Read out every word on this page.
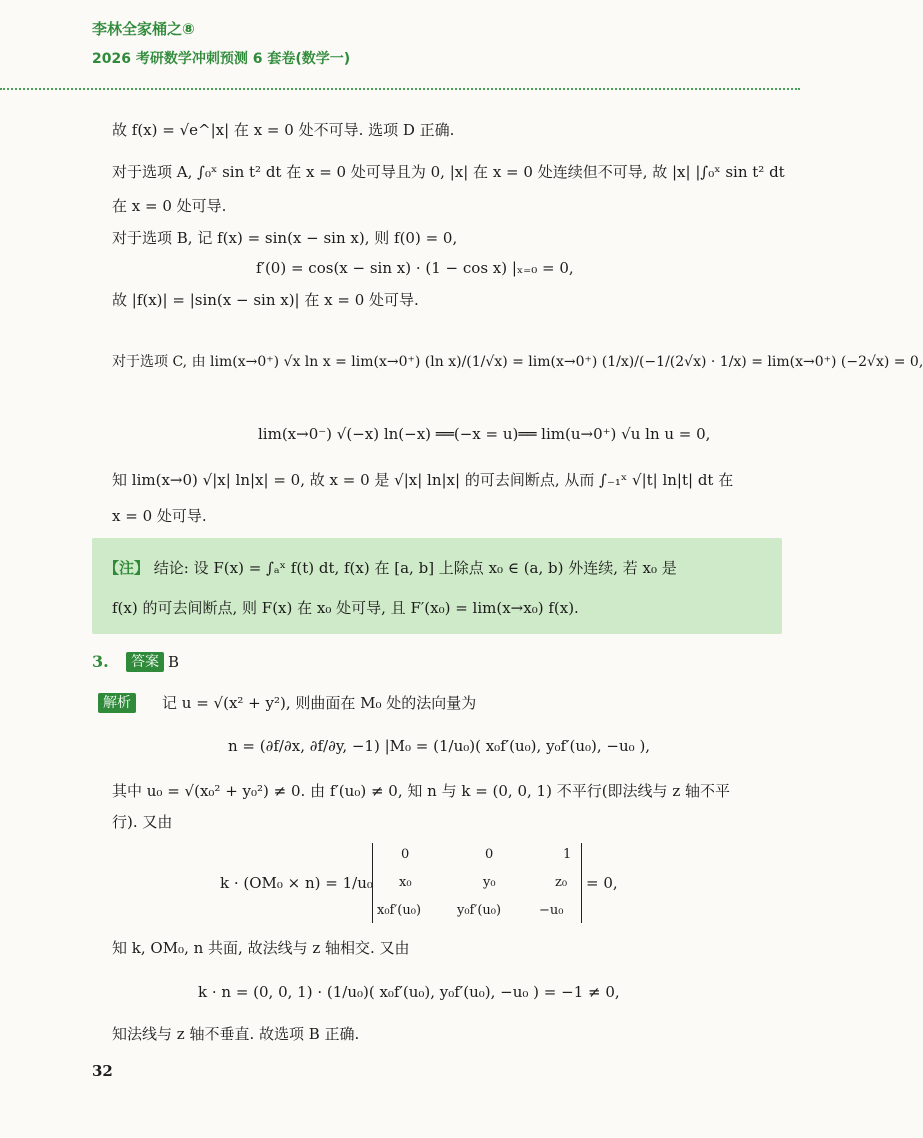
李林全家桶之⑧
2026 考研数学冲刺预测 6 套卷(数学一)
故 f(x) = √e^|x| 在 x = 0 处不可导. 选项 D 正确.
对于选项 A, ∫₀ˣ sin t² dt 在 x = 0 处可导且为 0, |x| 在 x = 0 处连续但不可导, 故 |x| |∫₀ˣ sin t² dt
在 x = 0 处可导.
对于选项 B, 记 f(x) = sin(x − sin x), 则 f(0) = 0,
f′(0) = cos(x − sin x) · (1 − cos x) |ₓ₌₀ = 0,
故 |f(x)| = |sin(x − sin x)| 在 x = 0 处可导.
对于选项 C, 由 lim(x→0⁺) √x ln x = lim(x→0⁺) (ln x)/(1/√x) = lim(x→0⁺) (1/x)/(−1/(2√x) · 1/x) = lim(x→0⁺) (−2√x) = 0,
lim(x→0⁻) √(−x) ln(−x) ══(−x = u)══ lim(u→0⁺) √u ln u = 0,
知 lim(x→0) √|x| ln|x| = 0, 故 x = 0 是 √|x| ln|x| 的可去间断点, 从而 ∫₋₁ˣ √|t| ln|t| dt 在
x = 0 处可导.
【注】 结论: 设 F(x) = ∫ₐˣ f(t) dt, f(x) 在 [a, b] 上除点 x₀ ∈ (a, b) 外连续, 若 x₀ 是
f(x) 的可去间断点, 则 F(x) 在 x₀ 处可导, 且 F′(x₀) = lim(x→x₀) f(x).
3.	答案 B
解析	记 u = √(x² + y²), 则曲面在 M₀ 处的法向量为
n = (∂f/∂x, ∂f/∂y, −1) |M₀ = (1/u₀)( x₀f′(u₀), y₀f′(u₀), −u₀ ),
其中 u₀ = √(x₀² + y₀²) ≠ 0. 由 f′(u₀) ≠ 0, 知 n 与 k = (0, 0, 1) 不平行(即法线与 z 轴不平
行). 又由
k · (OM₀ × n) = 1/u₀
0	0	1
x₀	y₀	z₀
x₀f′(u₀)	y₀f′(u₀)	−u₀
= 0,
知 k, OM₀, n 共面, 故法线与 z 轴相交. 又由
k · n = (0, 0, 1) · (1/u₀)( x₀f′(u₀), y₀f′(u₀), −u₀ ) = −1 ≠ 0,
知法线与 z 轴不垂直. 故选项 B 正确.
32
